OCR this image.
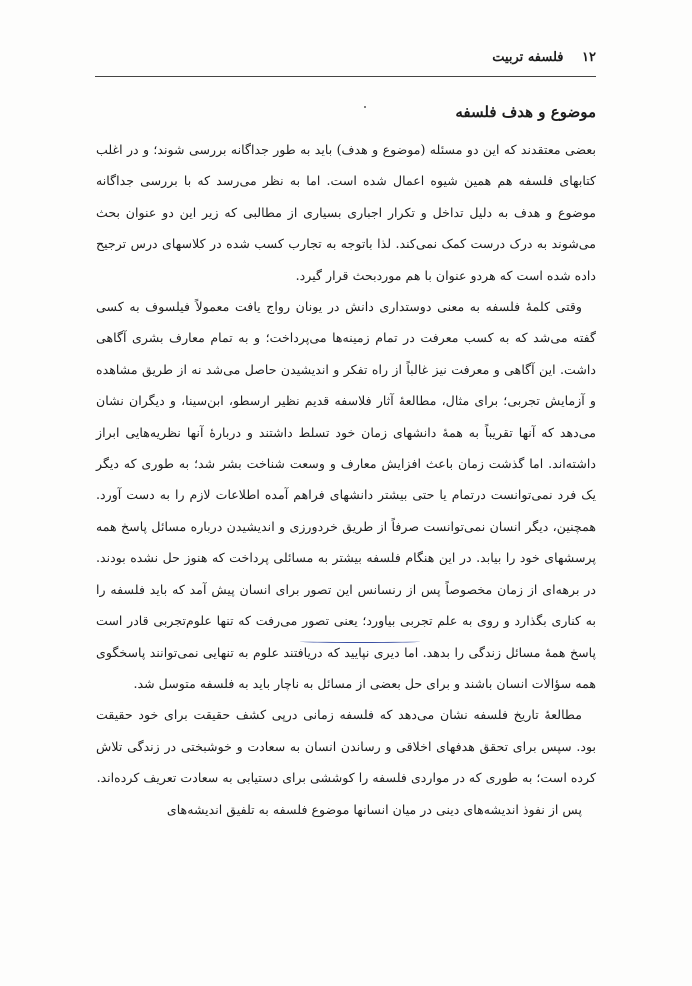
۱۲ فلسفه تربیت
موضوع و هدف فلسفه

بعضی معتقدند که این دو مسئله (موضوع و هدف) باید به طور جداگانه بررسی شوند؛ و در اغلب کتابهای فلسفه هم همین شیوه اعمال شده است. اما به نظر می‌رسد که با بررسی جداگانه موضوع و هدف به دلیل تداخل و تکرار اجباری بسیاری از مطالبی که زیر این دو عنوان بحث می‌شوند به درک درست کمک نمی‌کند. لذا باتوجه به تجارب کسب شده در کلاسهای درس ترجیح داده شده است که هردو عنوان با هم موردبحث قرار گیرد.

وقتی کلمهٔ فلسفه به معنی دوستداری دانش در یونان رواج یافت معمولاً فیلسوف به کسی گفته می‌شد که به کسب معرفت در تمام زمینه‌ها می‌پرداخت؛ و به تمام معارف بشری آگاهی داشت. این آگاهی و معرفت نیز غالباً از راه تفکر و اندیشیدن حاصل می‌شد نه از طریق مشاهده و آزمایش تجربی؛ برای مثال، مطالعهٔ آثار فلاسفه قدیم نظیر ارسطو، ابن‌سینا، و دیگران نشان می‌دهد که آنها تقریباً به همهٔ دانشهای زمان خود تسلط داشتند و دربارهٔ آنها نظریه‌هایی ابراز داشته‌اند. اما گذشت زمان باعث افزایش معارف و وسعت شناخت بشر شد؛ به طوری که دیگر یک فرد نمی‌توانست درتمام یا حتی بیشتر دانشهای فراهم آمده اطلاعات لازم را به دست آورد. همچنین، دیگر انسان نمی‌توانست صرفاً از طریق خردورزی و اندیشیدن درباره مسائل پاسخ همه پرسشهای خود را بیابد. در این هنگام فلسفه بیشتر به مسائلی پرداخت که هنوز حل نشده بودند. در برهه‌ای از زمان مخصوصاً پس از رنسانس این تصور برای انسان پیش آمد که باید فلسفه را به کناری بگذارد و روی به علم تجربی بیاورد؛ یعنی تصور می‌رفت که تنها علوم‌تجربی قادر است پاسخ همهٔ مسائل زندگی را بدهد. اما دیری نپایید که دریافتند علوم به تنهایی نمی‌توانند پاسخگوی همه سؤالات انسان باشند و برای حل بعضی از مسائل به ناچار باید به فلسفه متوسل شد.

مطالعهٔ تاریخ فلسفه نشان می‌دهد که فلسفه زمانی درپی کشف حقیقت برای خود حقیقت بود. سپس برای تحقق هدفهای اخلاقی و رساندن انسان به سعادت و خوشبختی در زندگی تلاش کرده است؛ به طوری که در مواردی فلسفه را کوششی برای دستیابی به سعادت تعریف کرده‌اند.

پس از نفوذ اندیشه‌های دینی در میان انسانها موضوع فلسفه به تلفیق اندیشه‌های
